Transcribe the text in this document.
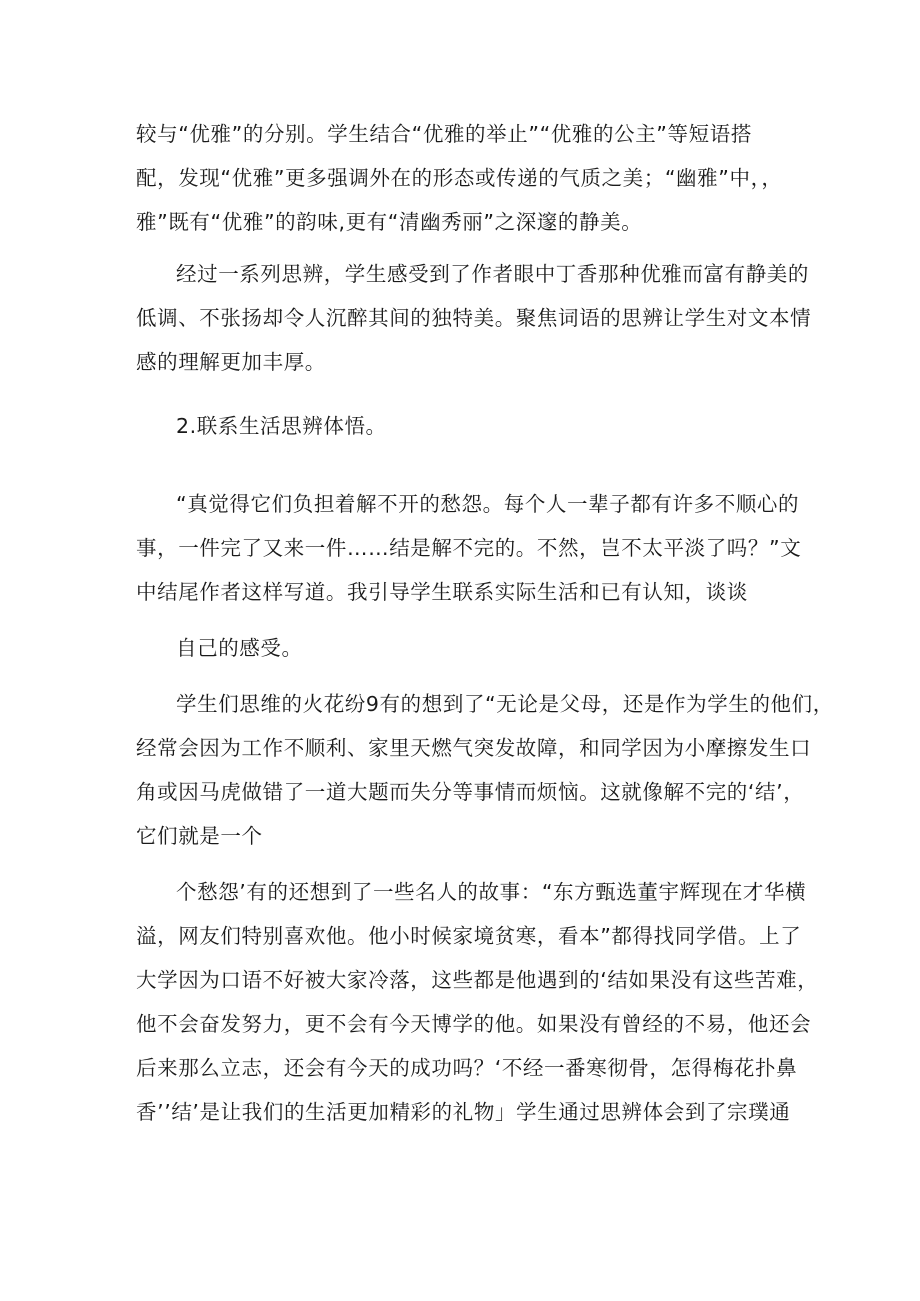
较与“优雅”的分别。学生结合“优雅的举止”“优雅的公主”等短语搭
配，发现“优雅”更多强调外在的形态或传递的气质之美；“幽雅”中，，
雅”既有“优雅”的韵味,更有“清幽秀丽”之深邃的静美。
经过一系列思辨，学生感受到了作者眼中丁香那种优雅而富有静美的
低调、不张扬却令人沉醉其间的独特美。聚焦词语的思辨让学生对文本情
感的理解更加丰厚。
2.联系生活思辨体悟。
“真觉得它们负担着解不开的愁怨。每个人一辈子都有许多不顺心的
事，一件完了又来一件……结是解不完的。不然，岂不太平淡了吗？”文
中结尾作者这样写道。我引导学生联系实际生活和已有认知，谈谈
自己的感受。
学生们思维的火花纷9有的想到了“无论是父母，还是作为学生的他们，
经常会因为工作不顺利、家里天燃气突发故障，和同学因为小摩擦发生口
角或因马虎做错了一道大题而失分等事情而烦恼。这就像解不完的‘结’，
它们就是一个
个愁怨’有的还想到了一些名人的故事：“东方甄选董宇辉现在才华横
溢，网友们特别喜欢他。他小时候家境贫寒，看本”都得找同学借。上了
大学因为口语不好被大家冷落，这些都是他遇到的‘结如果没有这些苦难，
他不会奋发努力，更不会有今天博学的他。如果没有曾经的不易，他还会
后来那么立志，还会有今天的成功吗？‘不经一番寒彻骨，怎得梅花扑鼻
香’’结’是让我们的生活更加精彩的礼物」学生通过思辨体会到了宗璞通
